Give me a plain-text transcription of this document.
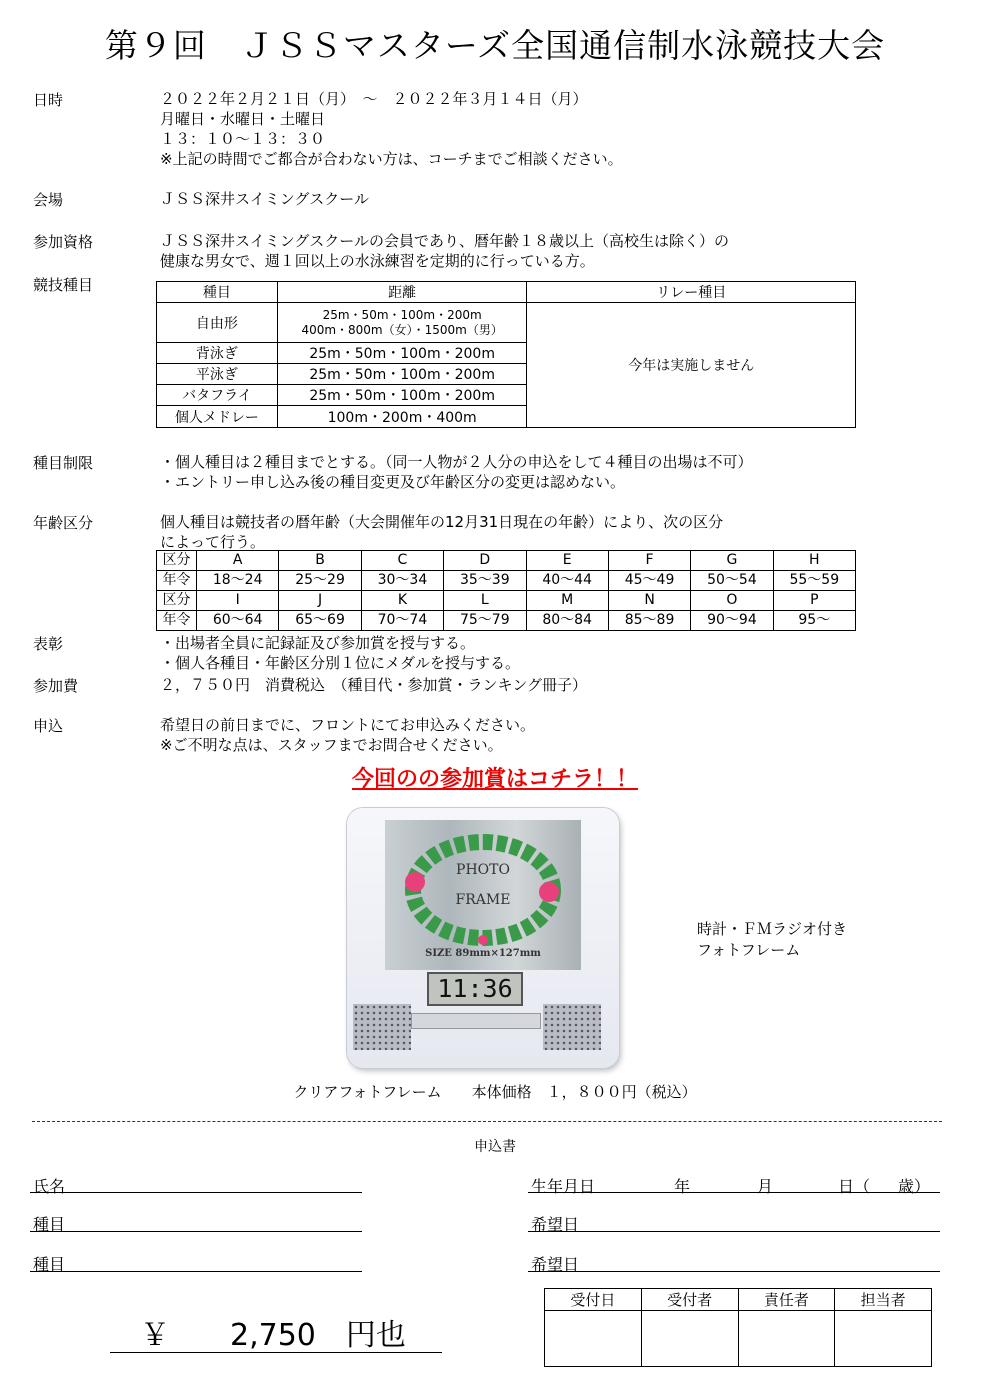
第９回　ＪＳＳマスターズ全国通信制水泳競技大会
日時	２０２２年２月２１日（月）　～　２０２２年３月１４日（月）
月曜日・水曜日・土曜日
１３：１０～１３：３０
※上記の時間でご都合が合わない方は、コーチまでご相談ください。
会場	ＪＳＳ深井スイミングスクール
参加資格	ＪＳＳ深井スイミングスクールの会員であり、暦年齢１８歳以上（高校生は除く）の
健康な男女で、週１回以上の水泳練習を定期的に行っている方。
競技種目	種目	距離	リレー種目
自由形	25m・50m・100m・200m
400m・800m（女）・1500m（男）	今年は実施しません
背泳ぎ	25m・50m・100m・200m	
平泳ぎ	25m・50m・100m・200m	
バタフライ	25m・50m・100m・200m	
個人メドレー	100m・200m・400m	
種目制限	・個人種目は２種目までとする。（同一人物が２人分の申込をして４種目の出場は不可）
・エントリー申し込み後の種目変更及び年齢区分の変更は認めない。
年齢区分	個人種目は競技者の暦年齢（大会開催年の12月31日現在の年齢）により、次の区分
によって行う。
区分	A	B	C	D	E	F	G	H
年令	18～24	25～29	30～34	35～39	40～44	45～49	50～54	55～59
区分	I	J	K	L	M	N	O	P
年令	60～64	65～69	70～74	75～79	80～84	85～89	90～94	95～
表彰	・出場者全員に記録証及び参加賞を授与する。
・個人各種目・年齢区分別１位にメダルを授与する。
参加費	２，７５０円　消費税込　（種目代・参加賞・ランキング冊子）
申込	希望日の前日までに、フロントにてお申込みください。
※ご不明な点は、スタッフまでお問合せください。
今回のの参加賞はコチラ！！
PHOTO
FRAME
SIZE 89mm×127mm
11:36
時計・ＦＭラジオ付き
フォトフレーム
クリアフォトフレーム　　本体価格　１，８００円（税込）
申込書
氏名
種目
種目
生年月日	年	月	日（ 歳）
希望日
希望日
受付日	受付者	責任者	担当者

￥　　2,750　円也
